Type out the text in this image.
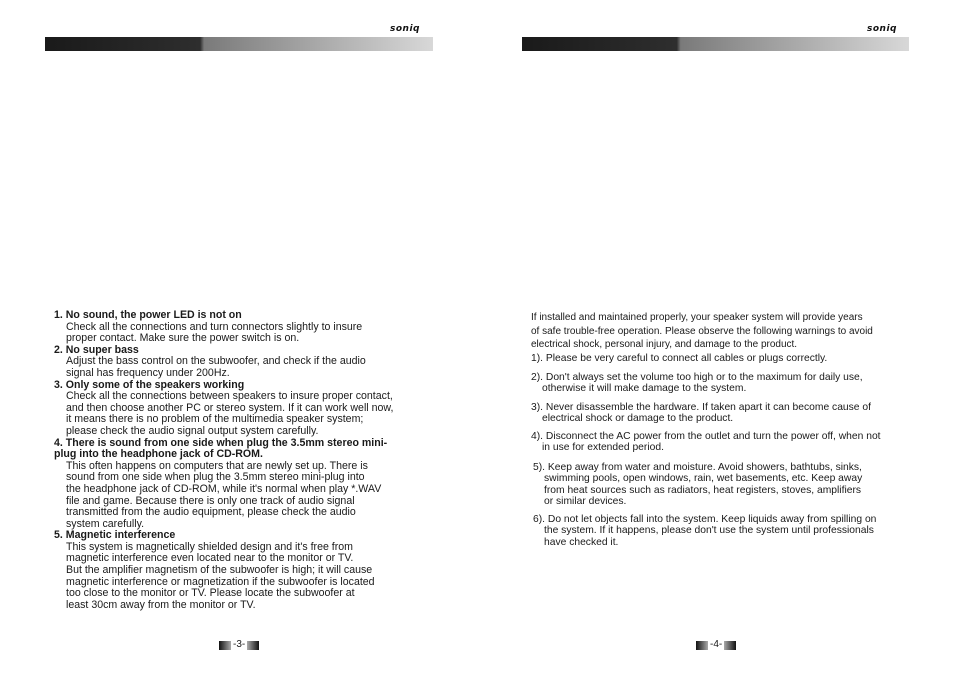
soniq
1. No sound, the power LED is not on
Check all the connections and turn connectors slightly to insure
proper contact. Make sure the power switch is on.
2. No super bass
Adjust the bass control on the subwoofer, and check if the audio
signal has frequency under 200Hz.
3. Only some of the speakers working
Check all the connections between speakers to insure proper contact,
and then choose another PC or stereo system. If it can work well now,
it means there is no problem of the multimedia speaker system;
please check the audio signal output system carefully.
4. There is sound from one side when plug the 3.5mm stereo mini-
plug into the headphone jack of CD-ROM.
This often happens on computers that are newly set up. There is
sound from one side when plug the 3.5mm stereo mini-plug into
the headphone jack of CD-ROM, while it's normal when play *.WAV
file and game. Because there is only one track of audio signal
transmitted from the audio equipment, please check the audio
system carefully.
5. Magnetic interference
This system is magnetically shielded design and it's free from
magnetic interference even located near to the monitor or TV.
But the amplifier magnetism of the subwoofer is high; it will cause
magnetic interference or magnetization if the subwoofer is located
too close to the monitor or TV. Please locate the subwoofer at
least 30cm away from the monitor or TV.
-3-
soniq
If installed and maintained properly, your speaker system will provide years
of safe trouble-free operation. Please observe the following warnings to avoid
electrical shock, personal injury, and damage to the product.
1). Please be very careful to connect all cables or plugs correctly.
2). Don't always set the volume too high or to the maximum for daily use,
otherwise it will make damage to the system.
3). Never disassemble the hardware. If taken apart it can become cause of
electrical shock or damage to the product.
4). Disconnect the AC power from the outlet and turn the power off, when not
in use for extended period.
5). Keep away from water and moisture. Avoid showers, bathtubs, sinks,
swimming pools, open windows, rain, wet basements, etc. Keep away
from heat sources such as radiators, heat registers, stoves, amplifiers
or similar devices.
6). Do not let objects fall into the system. Keep liquids away from spilling on
the system. If it happens, please don't use the system until professionals
have checked it.
-4-
